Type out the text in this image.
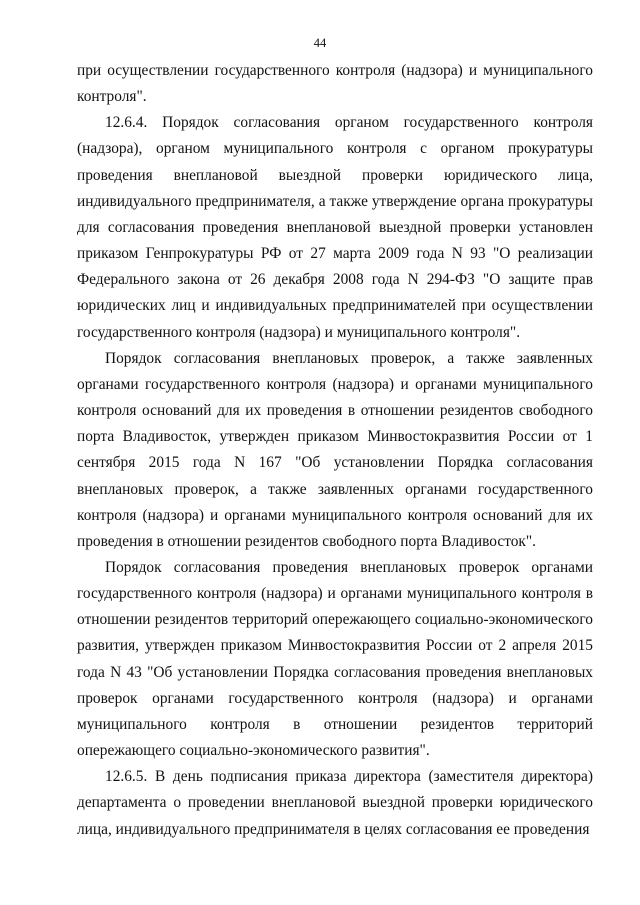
44

при осуществлении государственного контроля (надзора) и муниципального контроля".

12.6.4. Порядок согласования органом государственного контроля (надзора), органом муниципального контроля с органом прокуратуры проведения внеплановой выездной проверки юридического лица, индивидуального предпринимателя, а также утверждение органа прокуратуры для согласования проведения внеплановой выездной проверки установлен приказом Генпрокуратуры РФ от 27 марта 2009 года N 93 "О реализации Федерального закона от 26 декабря 2008 года N 294-ФЗ "О защите прав юридических лиц и индивидуальных предпринимателей при осуществлении государственного контроля (надзора) и муниципального контроля".

Порядок согласования внеплановых проверок, а также заявленных органами государственного контроля (надзора) и органами муниципального контроля оснований для их проведения в отношении резидентов свободного порта Владивосток, утвержден приказом Минвостокразвития России от 1 сентября 2015 года N 167 "Об установлении Порядка согласования внеплановых проверок, а также заявленных органами государственного контроля (надзора) и органами муниципального контроля оснований для их проведения в отношении резидентов свободного порта Владивосток".

Порядок согласования проведения внеплановых проверок органами государственного контроля (надзора) и органами муниципального контроля в отношении резидентов территорий опережающего социально-экономического развития, утвержден приказом Минвостокразвития России от 2 апреля 2015 года N 43 "Об установлении Порядка согласования проведения внеплановых проверок органами государственного контроля (надзора) и органами муниципального контроля в отношении резидентов территорий опережающего социально-экономического развития".

12.6.5. В день подписания приказа директора (заместителя директора) департамента о проведении внеплановой выездной проверки юридического лица, индивидуального предпринимателя в целях согласования ее проведения
